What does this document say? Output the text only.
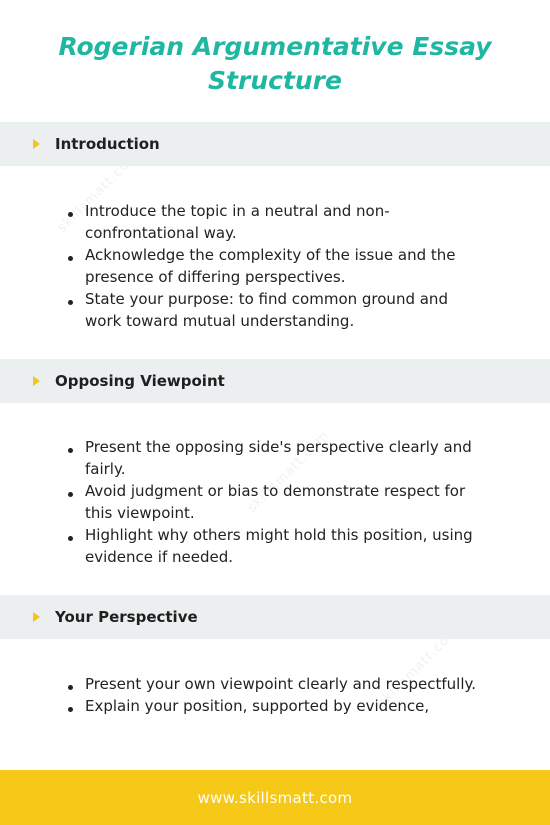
Rogerian Argumentative Essay Structure
skillsmatt.com
skillsmatt.com
skillsmatt.com
Introduction
Introduce the topic in a neutral and non-confrontational way.
Acknowledge the complexity of the issue and the presence of differing perspectives.
State your purpose: to find common ground and work toward mutual understanding.
Opposing Viewpoint
Present the opposing side's perspective clearly and fairly.
Avoid judgment or bias to demonstrate respect for this viewpoint.
Highlight why others might hold this position, using evidence if needed.
Your Perspective
Present your own viewpoint clearly and respectfully.
Explain your position, supported by evidence,
www.skillsmatt.com
